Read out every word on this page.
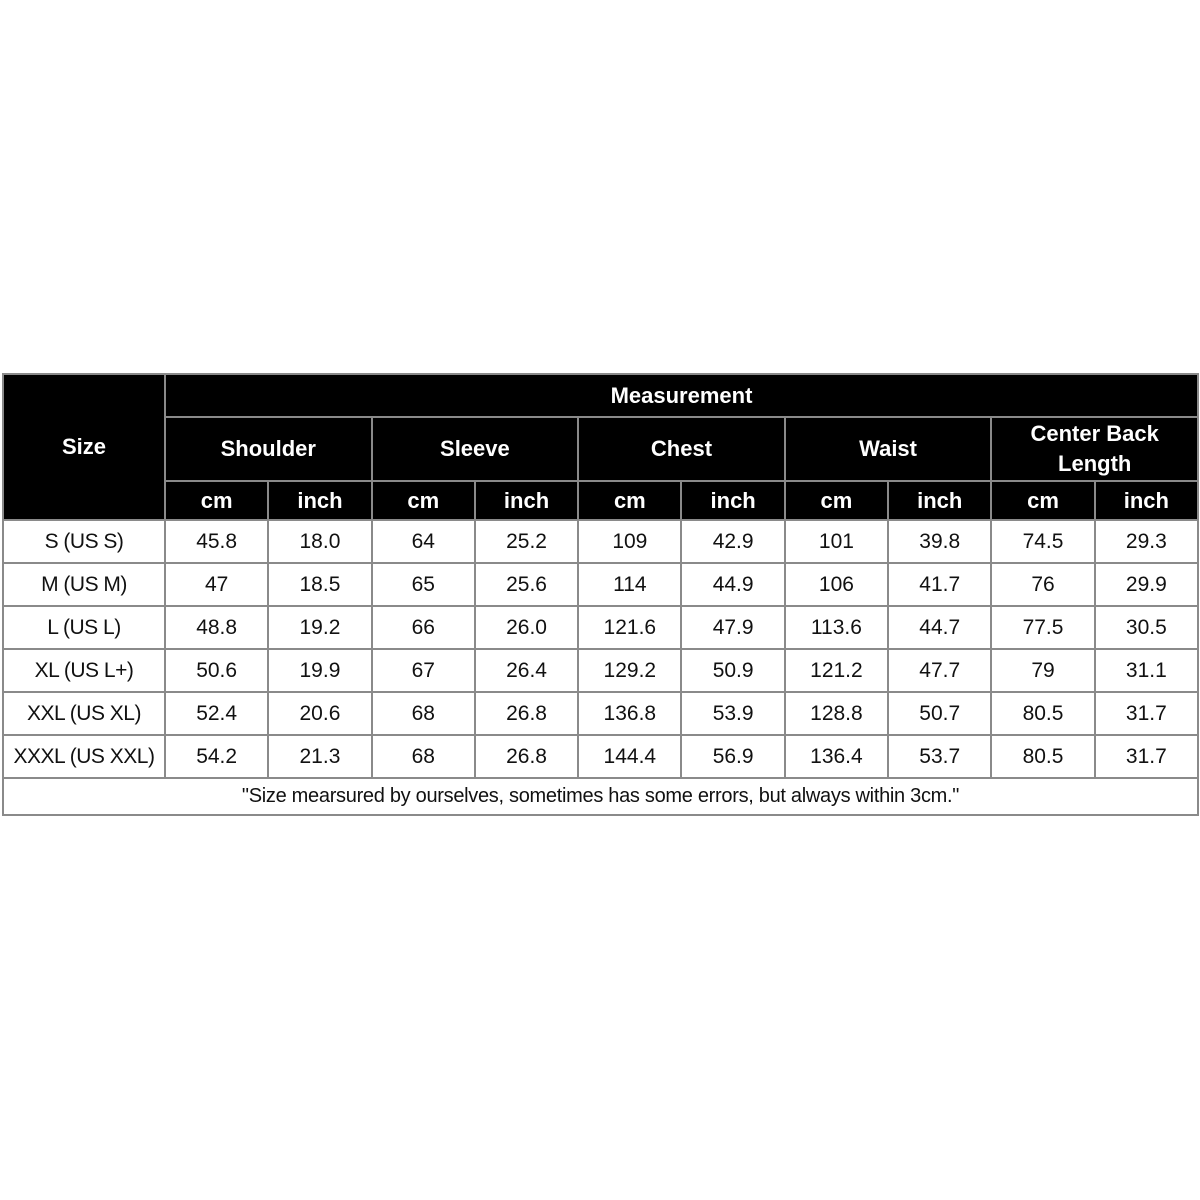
Size	Measurement									
	Shoulder		Sleeve		Chest		Waist		Center Back Length	
	cm	inch	cm	inch	cm	inch	cm	inch	cm	inch
S (US S)	45.8	18.0	64	25.2	109	42.9	101	39.8	74.5	29.3
M (US M)	47	18.5	65	25.6	114	44.9	106	41.7	76	29.9
L (US L)	48.8	19.2	66	26.0	121.6	47.9	113.6	44.7	77.5	30.5
XL (US L+)	50.6	19.9	67	26.4	129.2	50.9	121.2	47.7	79	31.1
XXL (US XL)	52.4	20.6	68	26.8	136.8	53.9	128.8	50.7	80.5	31.7
XXXL (US XXL)	54.2	21.3	68	26.8	144.4	56.9	136.4	53.7	80.5	31.7
"Size mearsured by ourselves, sometimes has some errors, but always within 3cm."										
